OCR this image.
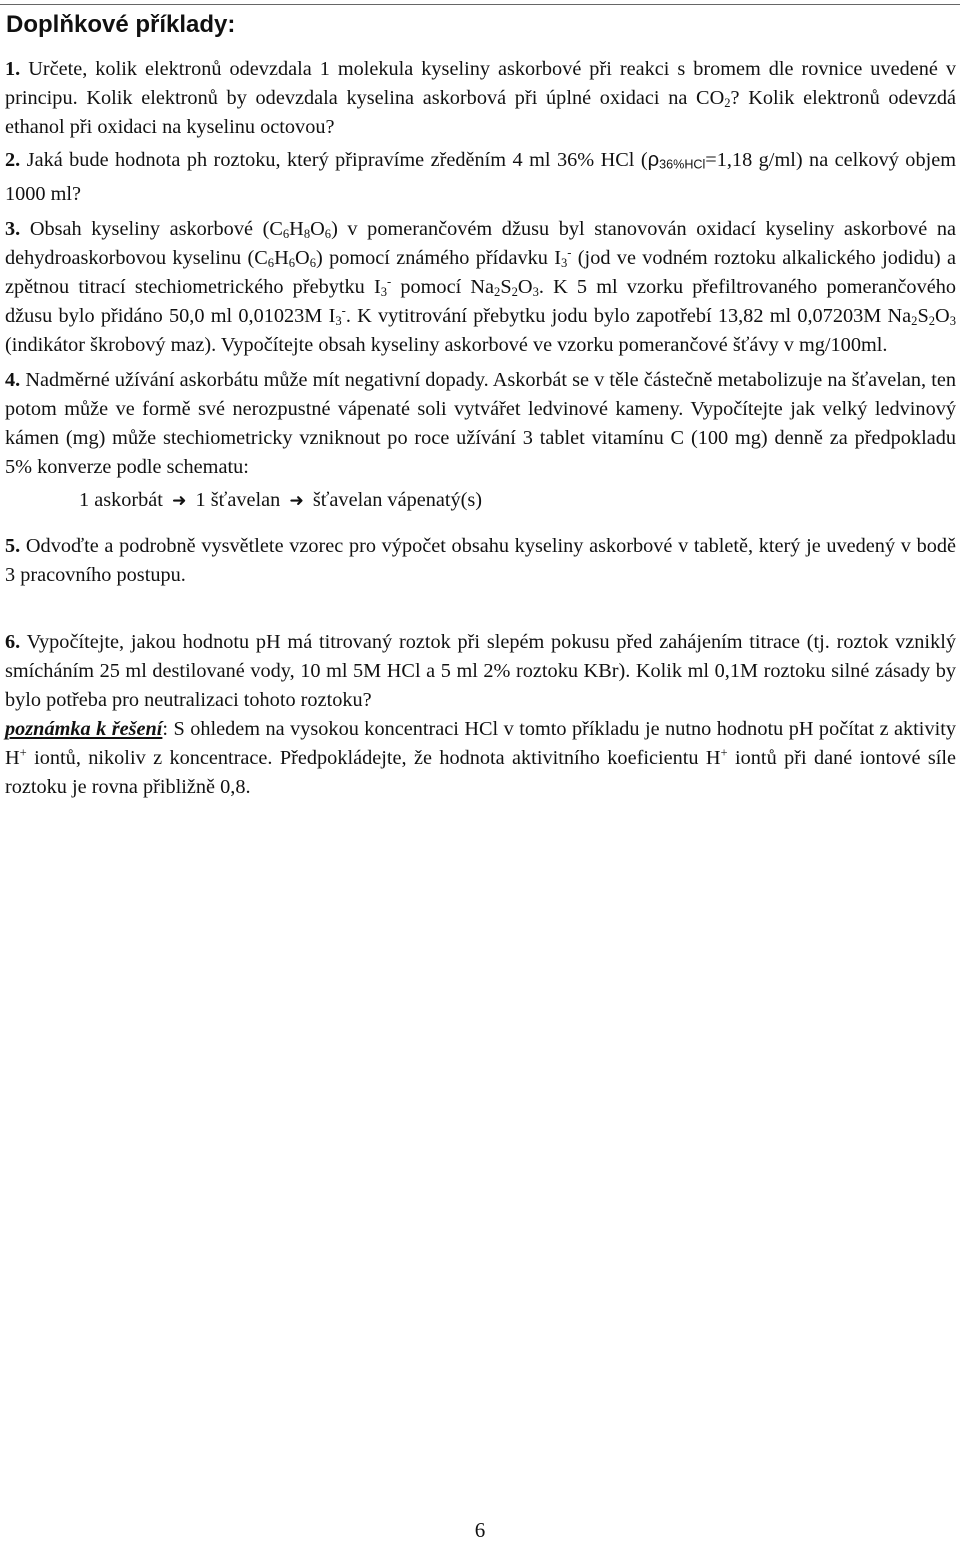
Doplňkové příklady:

1. Určete, kolik elektronů odevzdala 1 molekula kyseliny askorbové při reakci s bromem dle rovnice uvedené v principu. Kolik elektronů by odevzdala kyselina askorbová při úplné oxidaci na $CO_2$? Kolik elektronů odevzdá ethanol při oxidaci na kyselinu octovou?

2. Jaká bude hodnota ph roztoku, který připravíme zředěním 4 ml 36% HCl (ρ36%HCl=1,18 g/ml) na celkový objem 1000 ml?

3. Obsah kyseliny askorbové $(C_6H_8O_6)$ v pomerančovém džusu byl stanovován oxidací kyseliny askorbové na dehydroaskorbovou kyselinu $(C_6H_6O_6)$ pomocí známého přídavku $I_3^-$ (jod ve vodném roztoku alkalického jodidu) a zpětnou titrací stechiometrického přebytku $I_3^-$ pomocí $Na_2S_2O_3$. K 5 ml vzorku přefiltrovaného pomerančového džusu bylo přidáno 50,0 ml 0,01023M $I_3^-$. K vytitrování přebytku jodu bylo zapotřebí 13,82 ml 0,07203M $Na_2S_2O_3$ (indikátor škrobový maz). Vypočítejte obsah kyseliny askorbové ve vzorku pomerančové šťávy v mg/100ml.

4. Nadměrné užívání askorbátu může mít negativní dopady. Askorbát se v těle částečně metabolizuje na šťavelan, ten potom může ve formě své nerozpustné vápenaté soli vytvářet ledvinové kameny. Vypočítejte jak velký ledvinový kámen (mg) může stechiometricky vzniknout po roce užívání 3 tablet vitamínu C (100 mg) denně za předpokladu 5% konverze podle schematu:

1 askorbát ➜ 1 šťavelan ➜ šťavelan vápenatý(s)

5. Odvoďte a podrobně vysvětlete vzorec pro výpočet obsahu kyseliny askorbové v tabletě, který je uvedený v bodě 3 pracovního postupu.

6. Vypočítejte, jakou hodnotu pH má titrovaný roztok při slepém pokusu před zahájením titrace (tj. roztok vzniklý smícháním 25 ml destilované vody, 10 ml 5M HCl a 5 ml 2% roztoku KBr). Kolik ml 0,1M roztoku silné zásady by bylo potřeba pro neutralizaci tohoto roztoku?

poznámka k řešení: S ohledem na vysokou koncentraci HCl v tomto příkladu je nutno hodnotu pH počítat z aktivity H+ iontů, nikoliv z koncentrace. Předpokládejte, že hodnota aktivitního koeficientu H+ iontů při dané iontové síle roztoku je rovna přibližně 0,8.

6
